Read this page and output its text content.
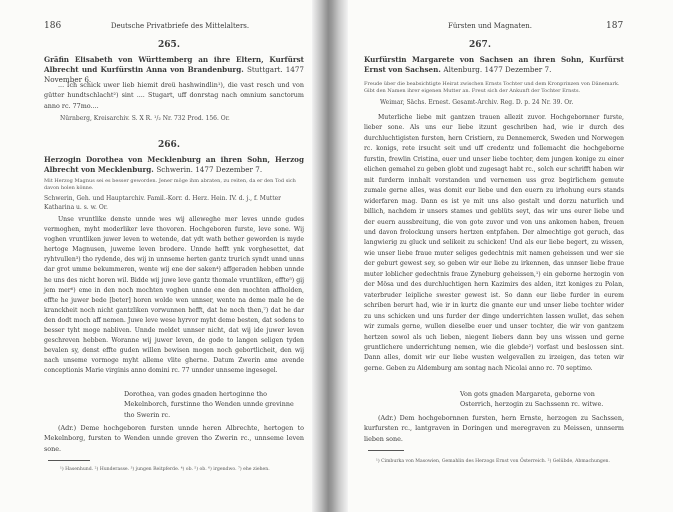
186	Deutsche Privatbriefe des Mittelalters.
265.
Gräfin Elisabeth von Württemberg an ihre Eltern, Kurfürst Albrecht und Kurfürstin Anna von Brandenburg. Stuttgart. 1477 November 6.

... Ich schick uwer lieb hiemit dreü hashwindlin¹), die vast resch und von gütter hundtschlacht²) sint .... Stugart, uff donrstag nach omnium sanctorum anno rc. 77mo....

Nürnberg, Kreisarchiv. S. X R. ¹/₂ Nr. 732 Prod. 156. Or.
266.
Herzogin Dorothea von Mecklenburg an ihren Sohn, Herzog Albrecht von Mecklenburg. Schwerin. 1477 Dezember 7.
Mit Herzog Magnus sei es besser geworden. Jener möge ihm abraten, zu reiten, da er den Tod sich davon holen könne.
Schwerin, Geh. und Hauptarchiv. Famil.-Korr. d. Herz. Hein. IV. d. j., f. Mutter Katharina u. s. w. Or.

Unse vruntlike denste unnde wes wij alleweghe mer leves unnde gudes vermoghen, myht moderliker leve thovoren. Hochgeboren furste, leve sone. Wij voghen vruntliken juwer leven to wetende, dat ydt wath bether geworden is myde hertoge Magnusen, juweme leven brodere. Unnde hefft ynk vorghesettet, dat ryhtvullen³) tho rydende, des wij in unnseme herten gantz trurich syndt unnd unns dar grot umme bekummeren, wente wij ene der saken⁴) affgeraden hebben unnde he uns des nicht horen wil. Bidde wij juwe leve gantz thomale vruntliken, effte⁵) gij jem mer⁶) eme in den noch mochten voghen unnde ene den mochten affholden, effte he juwer bede [beter] horen wolde wen unnser, wente na deme male he de kranckheit noch nicht gantzliken vorwunnen hefft, dat he noch then,⁷) dat he dar den dodt moch aff nemen. Juwe leve wese hyrvor myht deme besten, dat sodens to besser tyht moge nabliven. Unnde meldet unnser nicht, dat wij ide juwer leven geschreven hebben. Woranne wij juwer leven, de gode to langen seligen tyden bevalen sy, denst effte guden willen bewisen mogen noch gebortlicheit, den wij nach unseme vormoge myht alleme vlite gherne. Datum Zwerin ame avende conceptionis Marie virginis anno domini rc. 77 unnder unnseme ingesegel.

Dorothea, van godes gnaden hertoginne tho
Mekelnborch, furstinne tho Wenden unnde grevinne
tho Swerin rc.

(Adr.) Deme hochgeboren fursten unnde heren Albrechte, hertogen to Mekelnborg, fursten to Wenden unnde greven tho Zwerin rc., unnseme leven sone.

¹) Hasenhund. ²) Hunderasse. ³) jungen Reitpferde. ⁴) ob. ⁵) ob. ⁶) irgendwo. ⁷) ehe ziehen.
Fürsten und Magnaten.	187
267.
Kurfürstin Margarete von Sachsen an ihren Sohn, Kurfürst Ernst von Sachsen. Altenburg. 1477 Dezember 7.
Freude über die beabsichtigte Heirat zwischen Ernsts Tochter und dem Kronprinzen von Dänemark. Gibt den Namen ihrer eigenen Mutter an. Freut sich der Ankunft der Tochter Ernsts.
Weimar, Sächs. Ernest. Gesamt-Archiv. Reg. D. p. 24 Nr. 39. Or.

Muterliche liebe mit gantzen trauen allezit zuvor. Hochgebornner furste, lieber sone. Als uns eur liebe itzunt geschriben had, wie ir durch des durchluchtigisten fursten, hern Cristiern, zu Dennemerck, Sweden und Norwegen rc. konigs, rete irsucht seit und uff credentz und follemacht die hochgeborne furstin, frewlin Cristina, euer und unser liebe tochter, dem jungen konige zu einer elichen gemahel zu geben globt und zugesagt habt rc., solch eur schrifft haben wir mit furderm innhalt vorstanden und vernemen uss groz begirlichem gemute zumale gerne alles, was domit eur liebe und den euern zu irhohung eurs stands widerfaren mag. Dann es ist ye mit uns also gestalt und dorzu naturlich und billich, nachdem ir unsers stames und geblüts seyt, das wir uns eurer liebe und der euern aussbreitung, die von gote zuvor und von uns ankomen haben, freuen und davon frolockung unsers hertzen entpfahen. Der almechtige got geruch, das langwierig zu gluck und selikeit zu schicken! Und als eur liebe begert, zu wissen, wie unser liebe fraue muter seliges gedechtnis mit namen geheissen und wer sie der geburt gewest sey, so geben wir eur liebe zu irkennen, das unnser liebe fraue muter loblicher gedechtnis fraue Zyneburg geheissen,¹) ein geborne herzogin von der Mösa und des durchluchtigen hern Kazimirs des alden, itzt koniges zu Polan, vaterbruder leipliche swester gewest ist. So dann eur liebe furder in eurem schriben berurt had, wie ir in kurtz die gnante eur und unser liebe tochter wider zu uns schicken und uns furder der dinge underrichten lassen wullet, das sehen wir zumals gerne, wullen dieselbe euer und unser tochter, die wir von gantzem hertzen sowol als uch lieben, niegent liebers dann bey uns wissen und gerne gruntlichere underrichtung nemen, wie die glebde²) vorfast und beslossen sint. Dann alles, domit wir eur liebe wusten welgevallen zu irzeigen, das teten wir gerne. Geben zu Aldemburg am sontag nach Nicolai anno rc. 70 septimo.

Von gots gnaden Margareta, geborne von
Osterrich, herzogin zu Sachssenn rc. witwe.

(Adr.) Dem hochgebornnen fursten, hern Ernste, herzogen zu Sachssen, kurfursten rc., lantgraven in Doringen und meregraven zu Meissen, unnserm lieben sone.

¹) Cimburka von Masowien, Gemahlin des Herzogs Ernst von Österreich. ²) Gelübde, Abmachungen.
